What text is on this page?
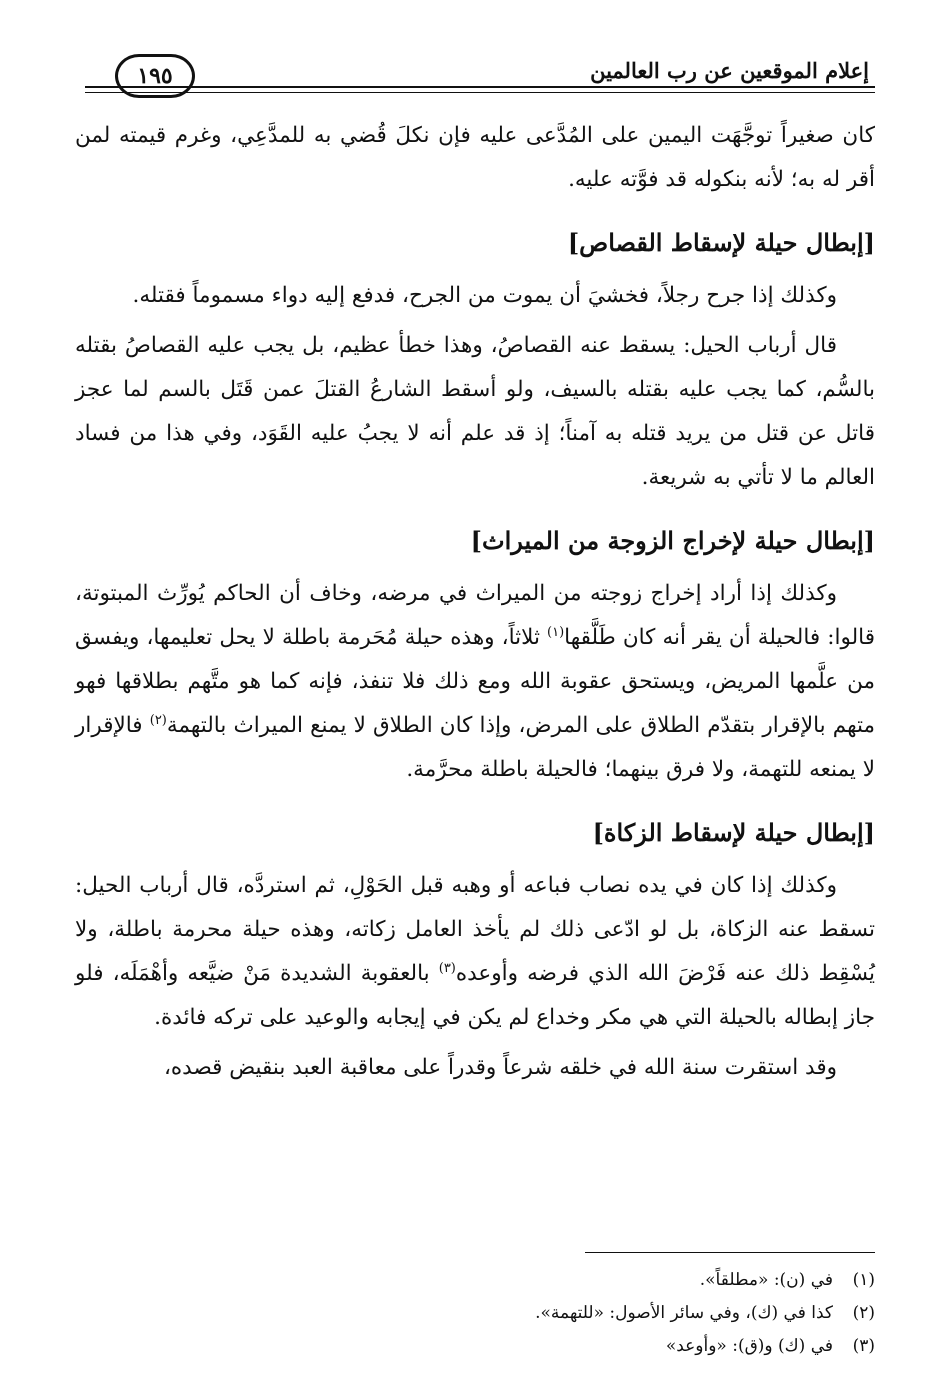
إعلام الموقعين عن رب العالمين
١٩٥

كان صغيراً توجَّهَت اليمين على المُدَّعى عليه فإن نكلَ قُضي به للمدَّعِي، وغرم قيمته لمن أقر له به؛ لأنه بنكوله قد فوَّته عليه.

[إبطال حيلة لإسقاط القصاص]

وكذلك إذا جرح رجلاً، فخشيَ أن يموت من الجرح، فدفع إليه دواء مسموماً فقتله.

قال أرباب الحيل: يسقط عنه القصاصُ، وهذا خطأ عظيم، بل يجب عليه القصاصُ بقتله بالسُّم، كما يجب عليه بقتله بالسيف، ولو أسقط الشارعُ القتلَ عمن قَتَل بالسم لما عجز قاتل عن قتل من يريد قتله به آمناً؛ إذ قد علم أنه لا يجبُ عليه القَوَد، وفي هذا من فساد العالم ما لا تأتي به شريعة.

[إبطال حيلة لإخراج الزوجة من الميراث]

وكذلك إذا أراد إخراج زوجته من الميراث في مرضه، وخاف أن الحاكم يُورِّث المبتوتة، قالوا: فالحيلة أن يقر أنه كان طَلَّقها$^{(١)}$ ثلاثاً، وهذه حيلة مُحَرمة باطلة لا يحل تعليمها، ويفسق من علَّمها المريض، ويستحق عقوبة الله ومع ذلك فلا تنفذ، فإنه كما هو متَّهم بطلاقها فهو متهم بالإقرار بتقدّم الطلاق على المرض، وإذا كان الطلاق لا يمنع الميراث بالتهمة$^{(٢)}$ فالإقرار لا يمنعه للتهمة، ولا فرق بينهما؛ فالحيلة باطلة محرَّمة.

[إبطال حيلة لإسقاط الزكاة]

وكذلك إذا كان في يده نصاب فباعه أو وهبه قبل الحَوْلِ، ثم استردَّه، قال أرباب الحيل: تسقط عنه الزكاة، بل لو ادّعى ذلك لم يأخذ العامل زكاته، وهذه حيلة محرمة باطلة، ولا يُسْقِط ذلك عنه فَرْضَ الله الذي فرضه وأوعده$^{(٣)}$ بالعقوبة الشديدة مَنْ ضيَّعه وأهْمَلَه، فلو جاز إبطاله بالحيلة التي هي مكر وخداع لم يكن في إيجابه والوعيد على تركه فائدة.

وقد استقرت سنة الله في خلقه شرعاً وقدراً على معاقبة العبد بنقيض قصده،

(١)في (ن): «مطلقاً».
(٢)كذا في (ك)، وفي سائر الأصول: «للتهمة».
(٣)في (ك) و(ق): «وأوعد»
